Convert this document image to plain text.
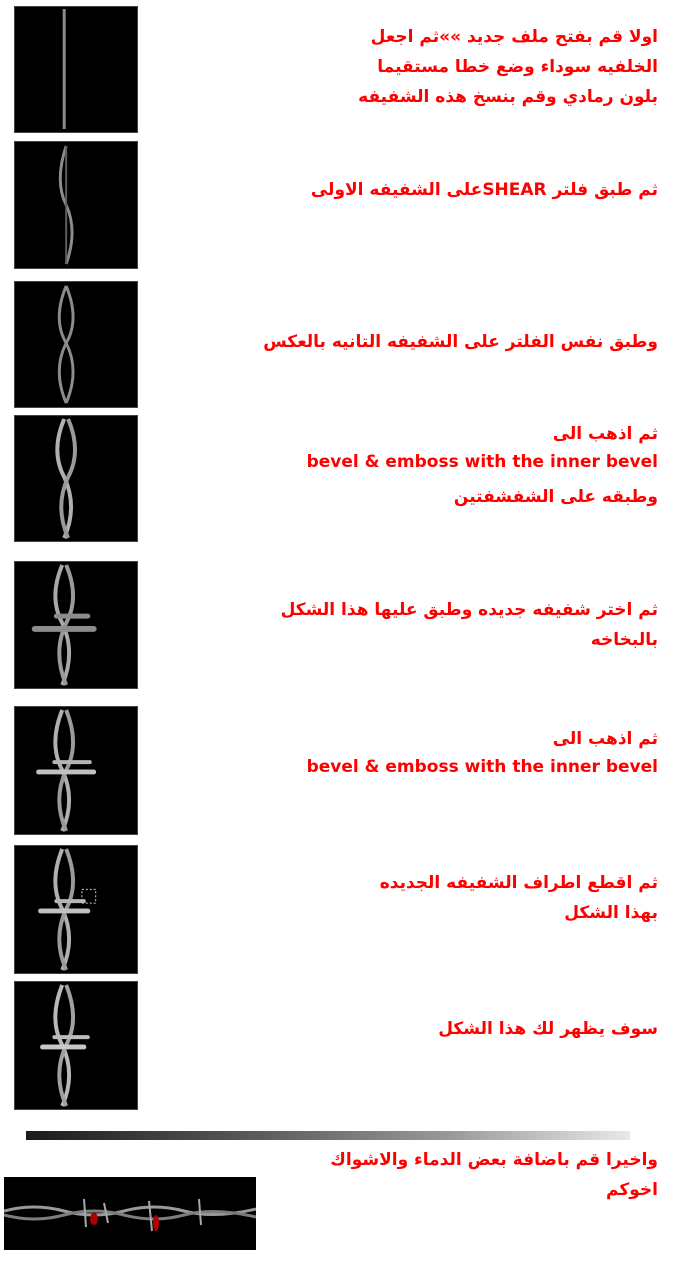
اولا قم بفتح ملف جديد »»ثم اجعل
الخلفيه سوداء وضع خطا مستقيما
بلون رمادي وقم بنسخ هذه الشفيفه
ثم طبق فلتر SHEARعلى الشفيفه الاولى
وطبق نفس الفلتر على الشفيفه التانيه بالعكس
ثم اذهب الى
bevel & emboss with the inner bevel
وطبقه على الشفشفتين
ثم اختر شفيفه جديده وطبق عليها هذا الشكل
بالبخاخه
ثم اذهب الى
bevel & emboss with the inner bevel
ثم اقطع اطراف الشفيفه الجديده
بهذا الشكل
سوف يظهر لك هذا الشكل
واخيرا قم باضافة بعض الدماء والاشواك
اخوكم
